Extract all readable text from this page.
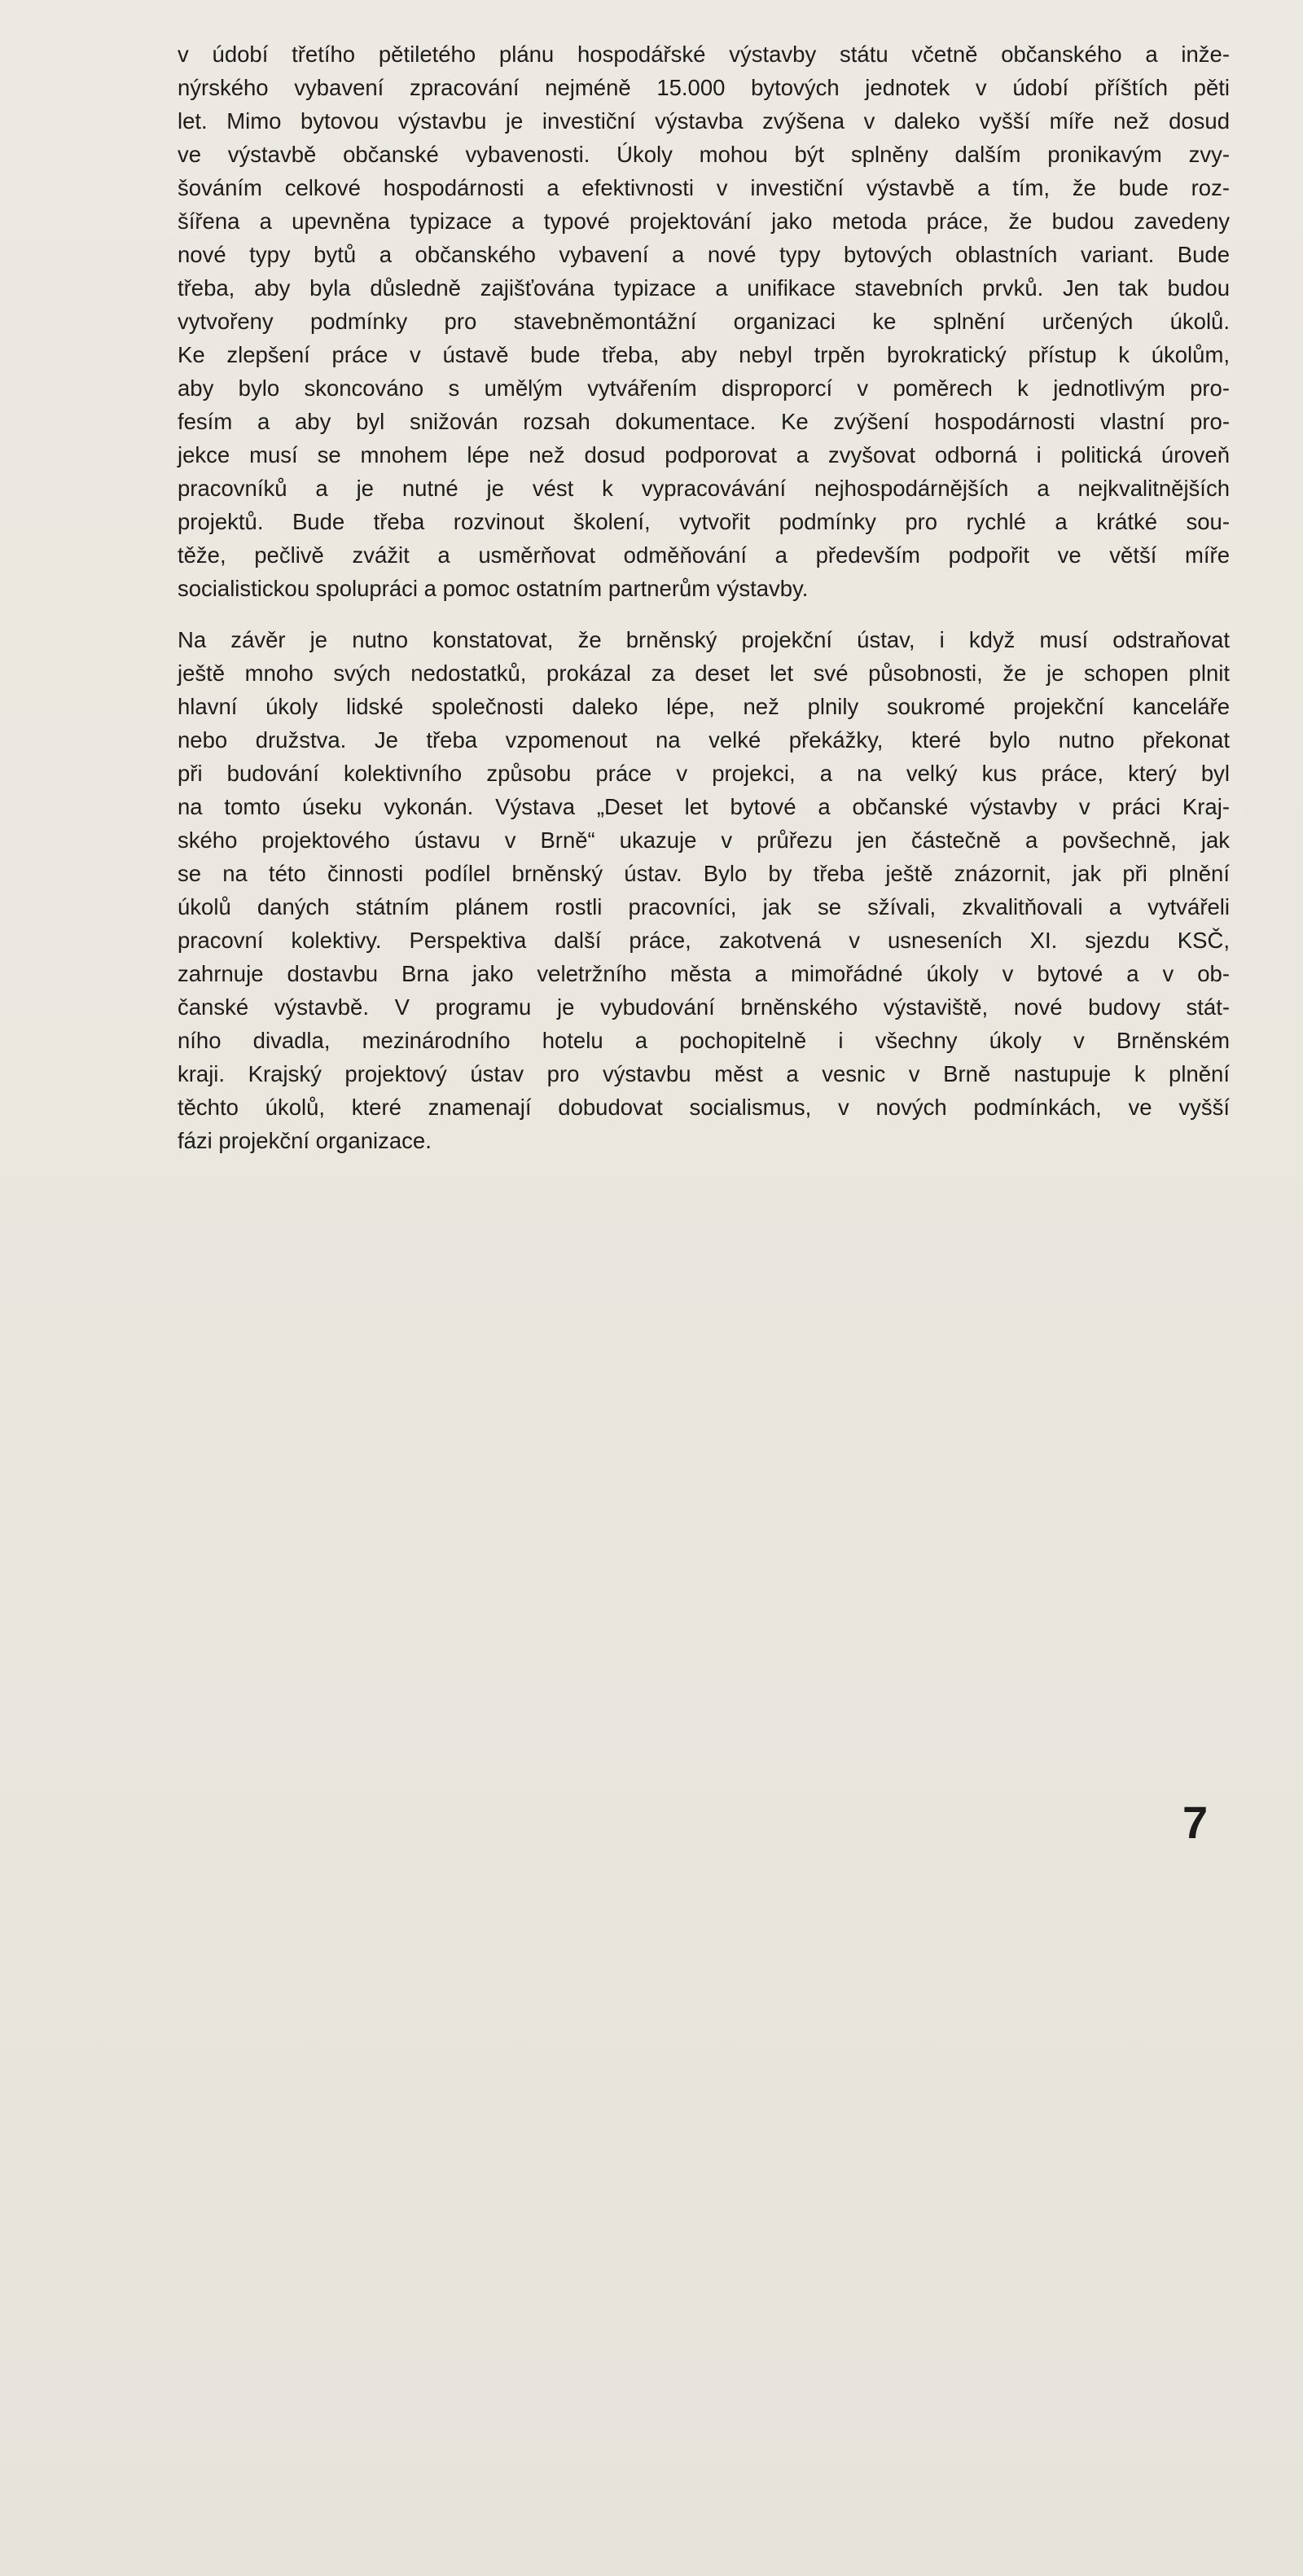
v údobí třetího pětiletého plánu hospodářské výstavby státu včetně občanského a inže-
nýrského vybavení zpracování nejméně 15.000 bytových jednotek v údobí příštích pěti
let. Mimo bytovou výstavbu je investiční výstavba zvýšena v daleko vyšší míře než dosud
ve výstavbě občanské vybavenosti. Úkoly mohou být splněny dalším pronikavým zvy-
šováním celkové hospodárnosti a efektivnosti v investiční výstavbě a tím, že bude roz-
šířena a upevněna typizace a typové projektování jako metoda práce, že budou zavedeny
nové typy bytů a občanského vybavení a nové typy bytových oblastních variant. Bude
třeba, aby byla důsledně zajišťována typizace a unifikace stavebních prvků. Jen tak budou
vytvořeny podmínky pro stavebněmontážní organizaci ke splnění určených úkolů.
Ke zlepšení práce v ústavě bude třeba, aby nebyl trpěn byrokratický přístup k úkolům,
aby bylo skoncováno s umělým vytvářením disproporcí v poměrech k jednotlivým pro-
fesím a aby byl snižován rozsah dokumentace. Ke zvýšení hospodárnosti vlastní pro-
jekce musí se mnohem lépe než dosud podporovat a zvyšovat odborná i politická úroveň
pracovníků a je nutné je vést k vypracovávání nejhospodárnějších a nejkvalitnějších
projektů. Bude třeba rozvinout školení, vytvořit podmínky pro rychlé a krátké sou-
těže, pečlivě zvážit a usměrňovat odměňování a především podpořit ve větší míře
socialistickou spolupráci a pomoc ostatním partnerům výstavby.
Na závěr je nutno konstatovat, že brněnský projekční ústav, i když musí odstraňovat
ještě mnoho svých nedostatků, prokázal za deset let své působnosti, že je schopen plnit
hlavní úkoly lidské společnosti daleko lépe, než plnily soukromé projekční kanceláře
nebo družstva. Je třeba vzpomenout na velké překážky, které bylo nutno překonat
při budování kolektivního způsobu práce v projekci, a na velký kus práce, který byl
na tomto úseku vykonán. Výstava „Deset let bytové a občanské výstavby v práci Kraj-
ského projektového ústavu v Brně“ ukazuje v průřezu jen částečně a povšechně, jak
se na této činnosti podílel brněnský ústav. Bylo by třeba ještě znázornit, jak při plnění
úkolů daných státním plánem rostli pracovníci, jak se sžívali, zkvalitňovali a vytvářeli
pracovní kolektivy. Perspektiva další práce, zakotvená v usneseních XI. sjezdu KSČ,
zahrnuje dostavbu Brna jako veletržního města a mimořádné úkoly v bytové a v ob-
čanské výstavbě. V programu je vybudování brněnského výstaviště, nové budovy stát-
ního divadla, mezinárodního hotelu a pochopitelně i všechny úkoly v Brněnském
kraji. Krajský projektový ústav pro výstavbu měst a vesnic v Brně nastupuje k plnění
těchto úkolů, které znamenají dobudovat socialismus, v nových podmínkách, ve vyšší
fázi projekční organizace.
7
